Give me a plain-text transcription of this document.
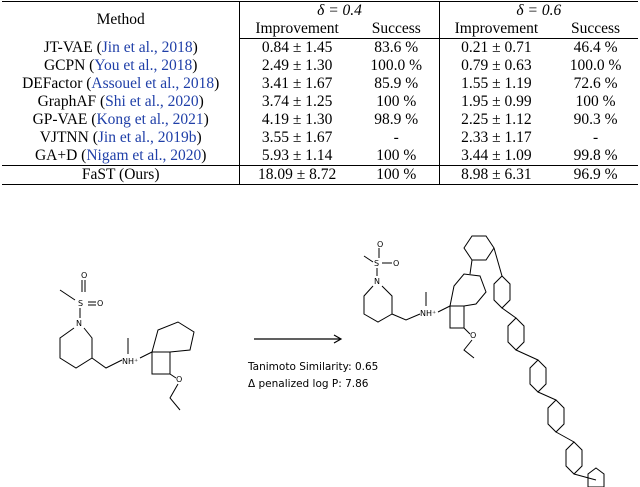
Method	δ = 0.4		δ = 0.6	
	Improvement	Success	Improvement	Success
JT-VAE (Jin et al., 2018)	0.84 ± 1.45	83.6 %	0.21 ± 0.71	46.4 %
GCPN (You et al., 2018)	2.49 ± 1.30	100.0 %	0.79 ± 0.63	100.0 %
DEFactor (Assouel et al., 2018)	3.41 ± 1.67	85.9 %	1.55 ± 1.19	72.6 %
GraphAF (Shi et al., 2020)	3.74 ± 1.25	100 %	1.95 ± 0.99	100 %
GP-VAE (Kong et al., 2021)	4.19 ± 1.30	98.9 %	2.25 ± 1.12	90.3 %
VJTNN (Jin et al., 2019b)	3.55 ± 1.67	-	2.33 ± 1.17	-
GA+D (Nigam et al., 2020)	5.93 ± 1.14	100 %	3.44 ± 1.09	99.8 %
FaST (Ours)	18.09 ± 8.72	100 %	8.98 ± 6.31	96.9 %
S
O
O
N
NH⁺
O
Tanimoto Similarity: 0.65
Δ penalized log P: 7.86
S
O
O
N
NH⁺
O
